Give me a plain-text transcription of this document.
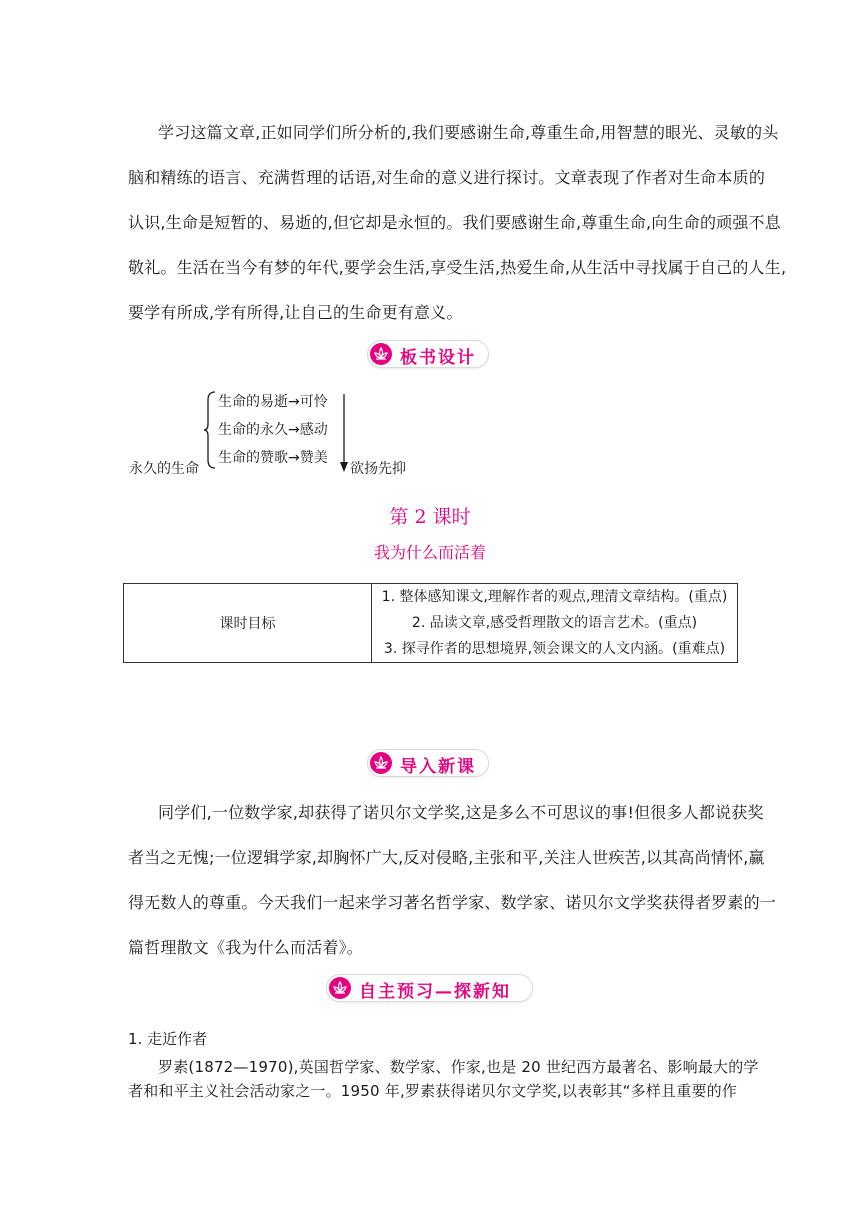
学习这篇文章,正如同学们所分析的,我们要感谢生命,尊重生命,用智慧的眼光、灵敏的头
脑和精练的语言、充满哲理的话语,对生命的意义进行探讨。文章表现了作者对生命本质的
认识,生命是短暂的、易逝的,但它却是永恒的。我们要感谢生命,尊重生命,向生命的顽强不息
敬礼。生活在当今有梦的年代,要学会生活,享受生活,热爱生命,从生活中寻找属于自己的人生,
要学有所成,学有所得,让自己的生命更有意义。
板书设计
永久的生命
生命的易逝→可怜
生命的永久→感动
生命的赞歌→赞美
欲扬先抑
第 2 课时
我为什么而活着
课时目标	1. 整体感知课文,理解作者的观点,理清文章结构。(重点)
2. 品读文章,感受哲理散文的语言艺术。(重点)
3. 探寻作者的思想境界,领会课文的人文内涵。(重难点)
导入新课
同学们,一位数学家,却获得了诺贝尔文学奖,这是多么不可思议的事!但很多人都说获奖
者当之无愧;一位逻辑学家,却胸怀广大,反对侵略,主张和平,关注人世疾苦,以其高尚情怀,赢
得无数人的尊重。今天我们一起来学习著名哲学家、数学家、诺贝尔文学奖获得者罗素的一
篇哲理散文《我为什么而活着》。
自主预习—探新知
1. 走近作者
罗素(1872—1970),英国哲学家、数学家、作家,也是 20 世纪西方最著名、影响最大的学
者和和平主义社会活动家之一。1950 年,罗素获得诺贝尔文学奖,以表彰其“多样且重要的作
